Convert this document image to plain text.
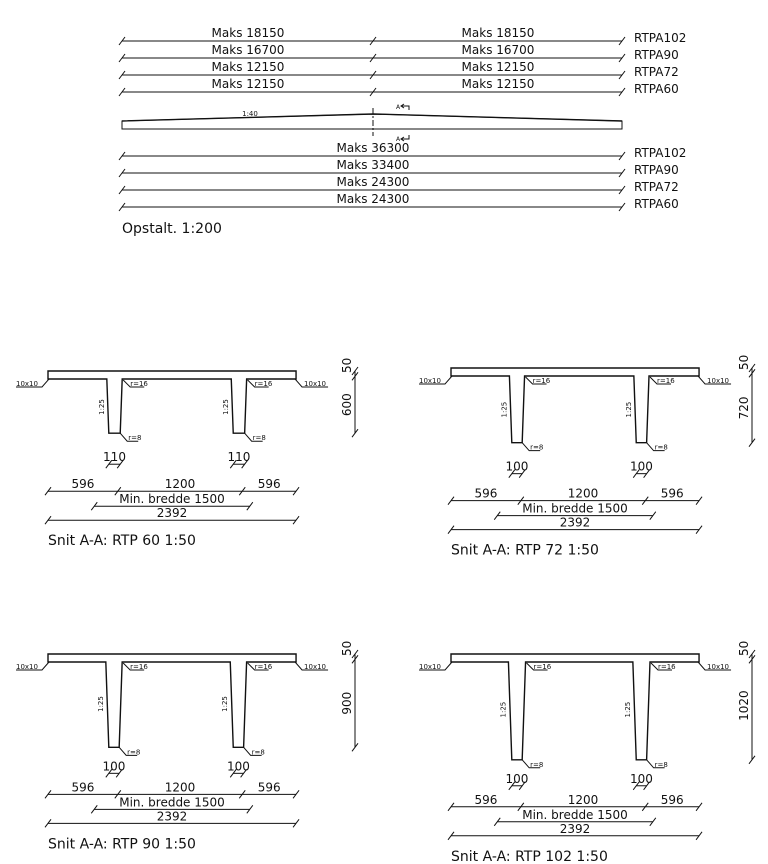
Maks 18150	Maks 18150	RTPA102
Maks 16700	Maks 16700	RTPA90
Maks 12150	Maks 12150	RTPA72
Maks 12150	Maks 12150	RTPA60
1:40
A
A
Maks 36300	RTPA102
Maks 33400	RTPA90
Maks 24300	RTPA72
Maks 24300	RTPA60
Opstalt. 1:200
10x10	10x10
r=16
r=8
1:25
110
r=16
r=8
1:25
110
50
600
596	1200	596
Min. bredde 1500
2392
Snit A-A: RTP 60 1:50
10x10	10x10
r=16
r=8
1:25
100
r=16
r=8
1:25
100
50
720
596	1200	596
Min. bredde 1500
2392
Snit A-A: RTP 72 1:50
10x10	10x10
r=16
r=8
1:25
100
r=16
r=8
1:25
100
50
900
596	1200	596
Min. bredde 1500
2392
Snit A-A: RTP 90 1:50
10x10	10x10
r=16
r=8
1:25
100
r=16
r=8
1:25
100
50
1020
596	1200	596
Min. bredde 1500
2392
Snit A-A: RTP 102 1:50
